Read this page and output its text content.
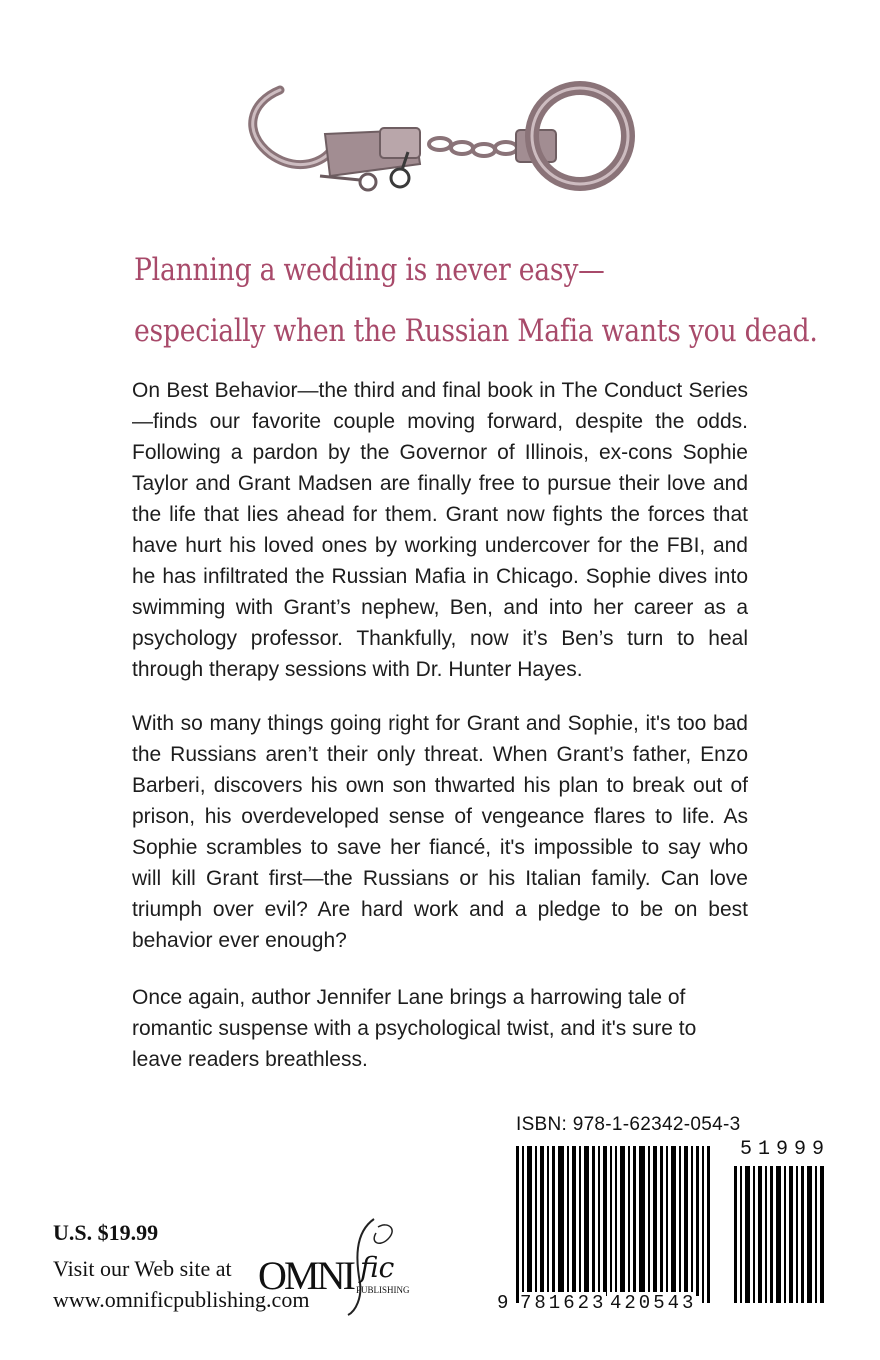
Planning a wedding is never easy—
especially when the Russian Mafia wants you dead.

On Best Behavior—the third and final book in The Conduct Series—finds our favorite couple moving forward, despite the odds. Following a pardon by the Governor of Illinois, ex-cons Sophie Taylor and Grant Madsen are finally free to pursue their love and the life that lies ahead for them. Grant now fights the forces that have hurt his loved ones by working undercover for the FBI, and he has infiltrated the Russian Mafia in Chicago. Sophie dives into swimming with Grant’s nephew, Ben, and into her career as a psychology professor. Thankfully, now it’s Ben’s turn to heal through therapy sessions with Dr. Hunter Hayes.

With so many things going right for Grant and Sophie, it's too bad the Russians aren’t their only threat. When Grant’s father, Enzo Barberi, discovers his own son thwarted his plan to break out of prison, his overdeveloped sense of vengeance flares to life. As Sophie scrambles to save her fiancé, it's impossible to say who will kill Grant first—the Russians or his Italian family. Can love triumph over evil? Are hard work and a pledge to be on best behavior ever enough?

Once again, author Jennifer Lane brings a harrowing tale of romantic suspense with a psychological twist, and it's sure to leave readers breathless.

U.S. $19.99
Visit our Web site at
www.omnificpublishing.com
OMNI fic
PUBLISHING
ISBN: 978-1-62342-054-3
51999
9 781623 420543
